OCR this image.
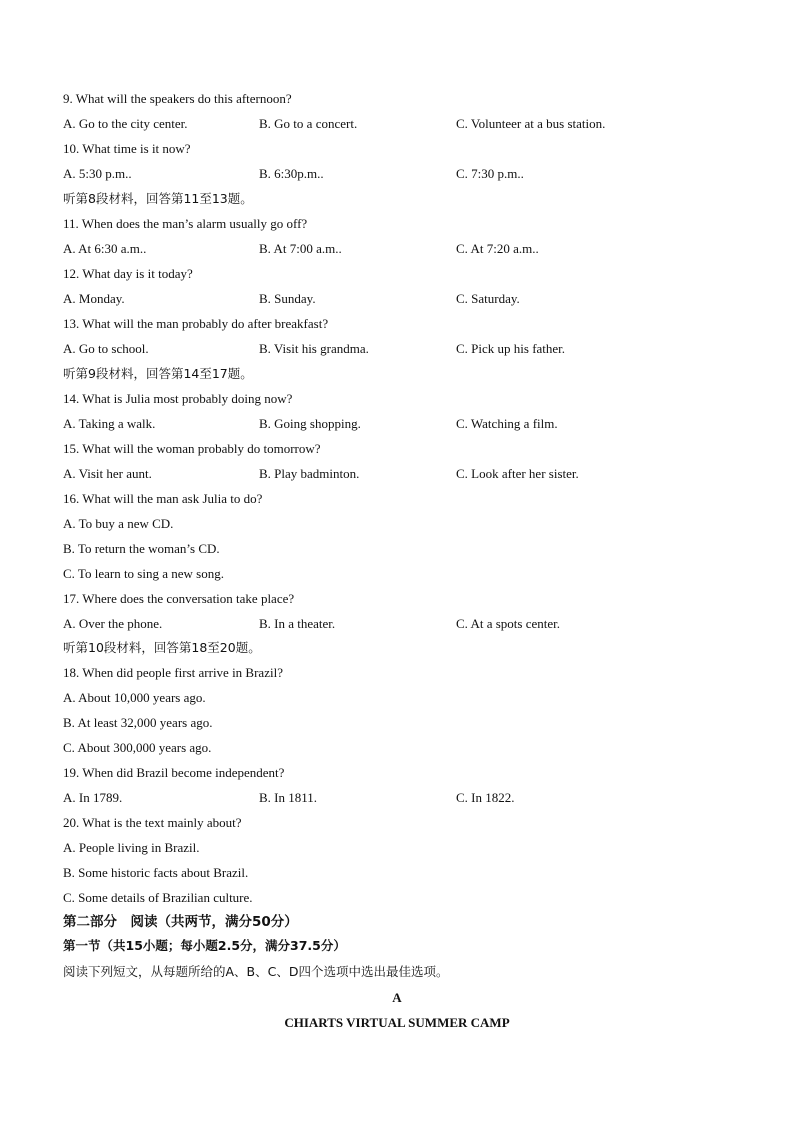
9. What will the speakers do this afternoon?
A. Go to the city center.	B. Go to a concert.	C. Volunteer at a bus station.
10. What time is it now?
A. 5:30 p.m..	B. 6:30p.m..	C. 7:30 p.m..
听第8段材料，回答第11至13题。
11. When does the man’s alarm usually go off?
A. At 6:30 a.m..	B. At 7:00 a.m..	C. At 7:20 a.m..
12. What day is it today?
A. Monday.	B. Sunday.	C. Saturday.
13. What will the man probably do after breakfast?
A. Go to school.	B. Visit his grandma.	C. Pick up his father.
听第9段材料，回答第14至17题。
14. What is Julia most probably doing now?
A. Taking a walk.	B. Going shopping.	C. Watching a film.
15. What will the woman probably do tomorrow?
A. Visit her aunt.	B. Play badminton.	C. Look after her sister.
16. What will the man ask Julia to do?
A. To buy a new CD.
B. To return the woman’s CD.
C. To learn to sing a new song.
17. Where does the conversation take place?
A. Over the phone.	B. In a theater.	C. At a spots center.
听第10段材料，回答第18至20题。
18. When did people first arrive in Brazil?
A. About 10,000 years ago.
B. At least 32,000 years ago.
C. About 300,000 years ago.
19. When did Brazil become independent?
A. In 1789.	B. In 1811.	C. In 1822.
20. What is the text mainly about?
A. People living in Brazil.
B. Some historic facts about Brazil.
C. Some details of Brazilian culture.
第二部分　阅读（共两节，满分50分）
第一节（共15小题；每小题2.5分，满分37.5分）
阅读下列短文，从每题所给的A、B、C、D四个选项中选出最佳选项。
A
CHIARTS VIRTUAL SUMMER CAMP
